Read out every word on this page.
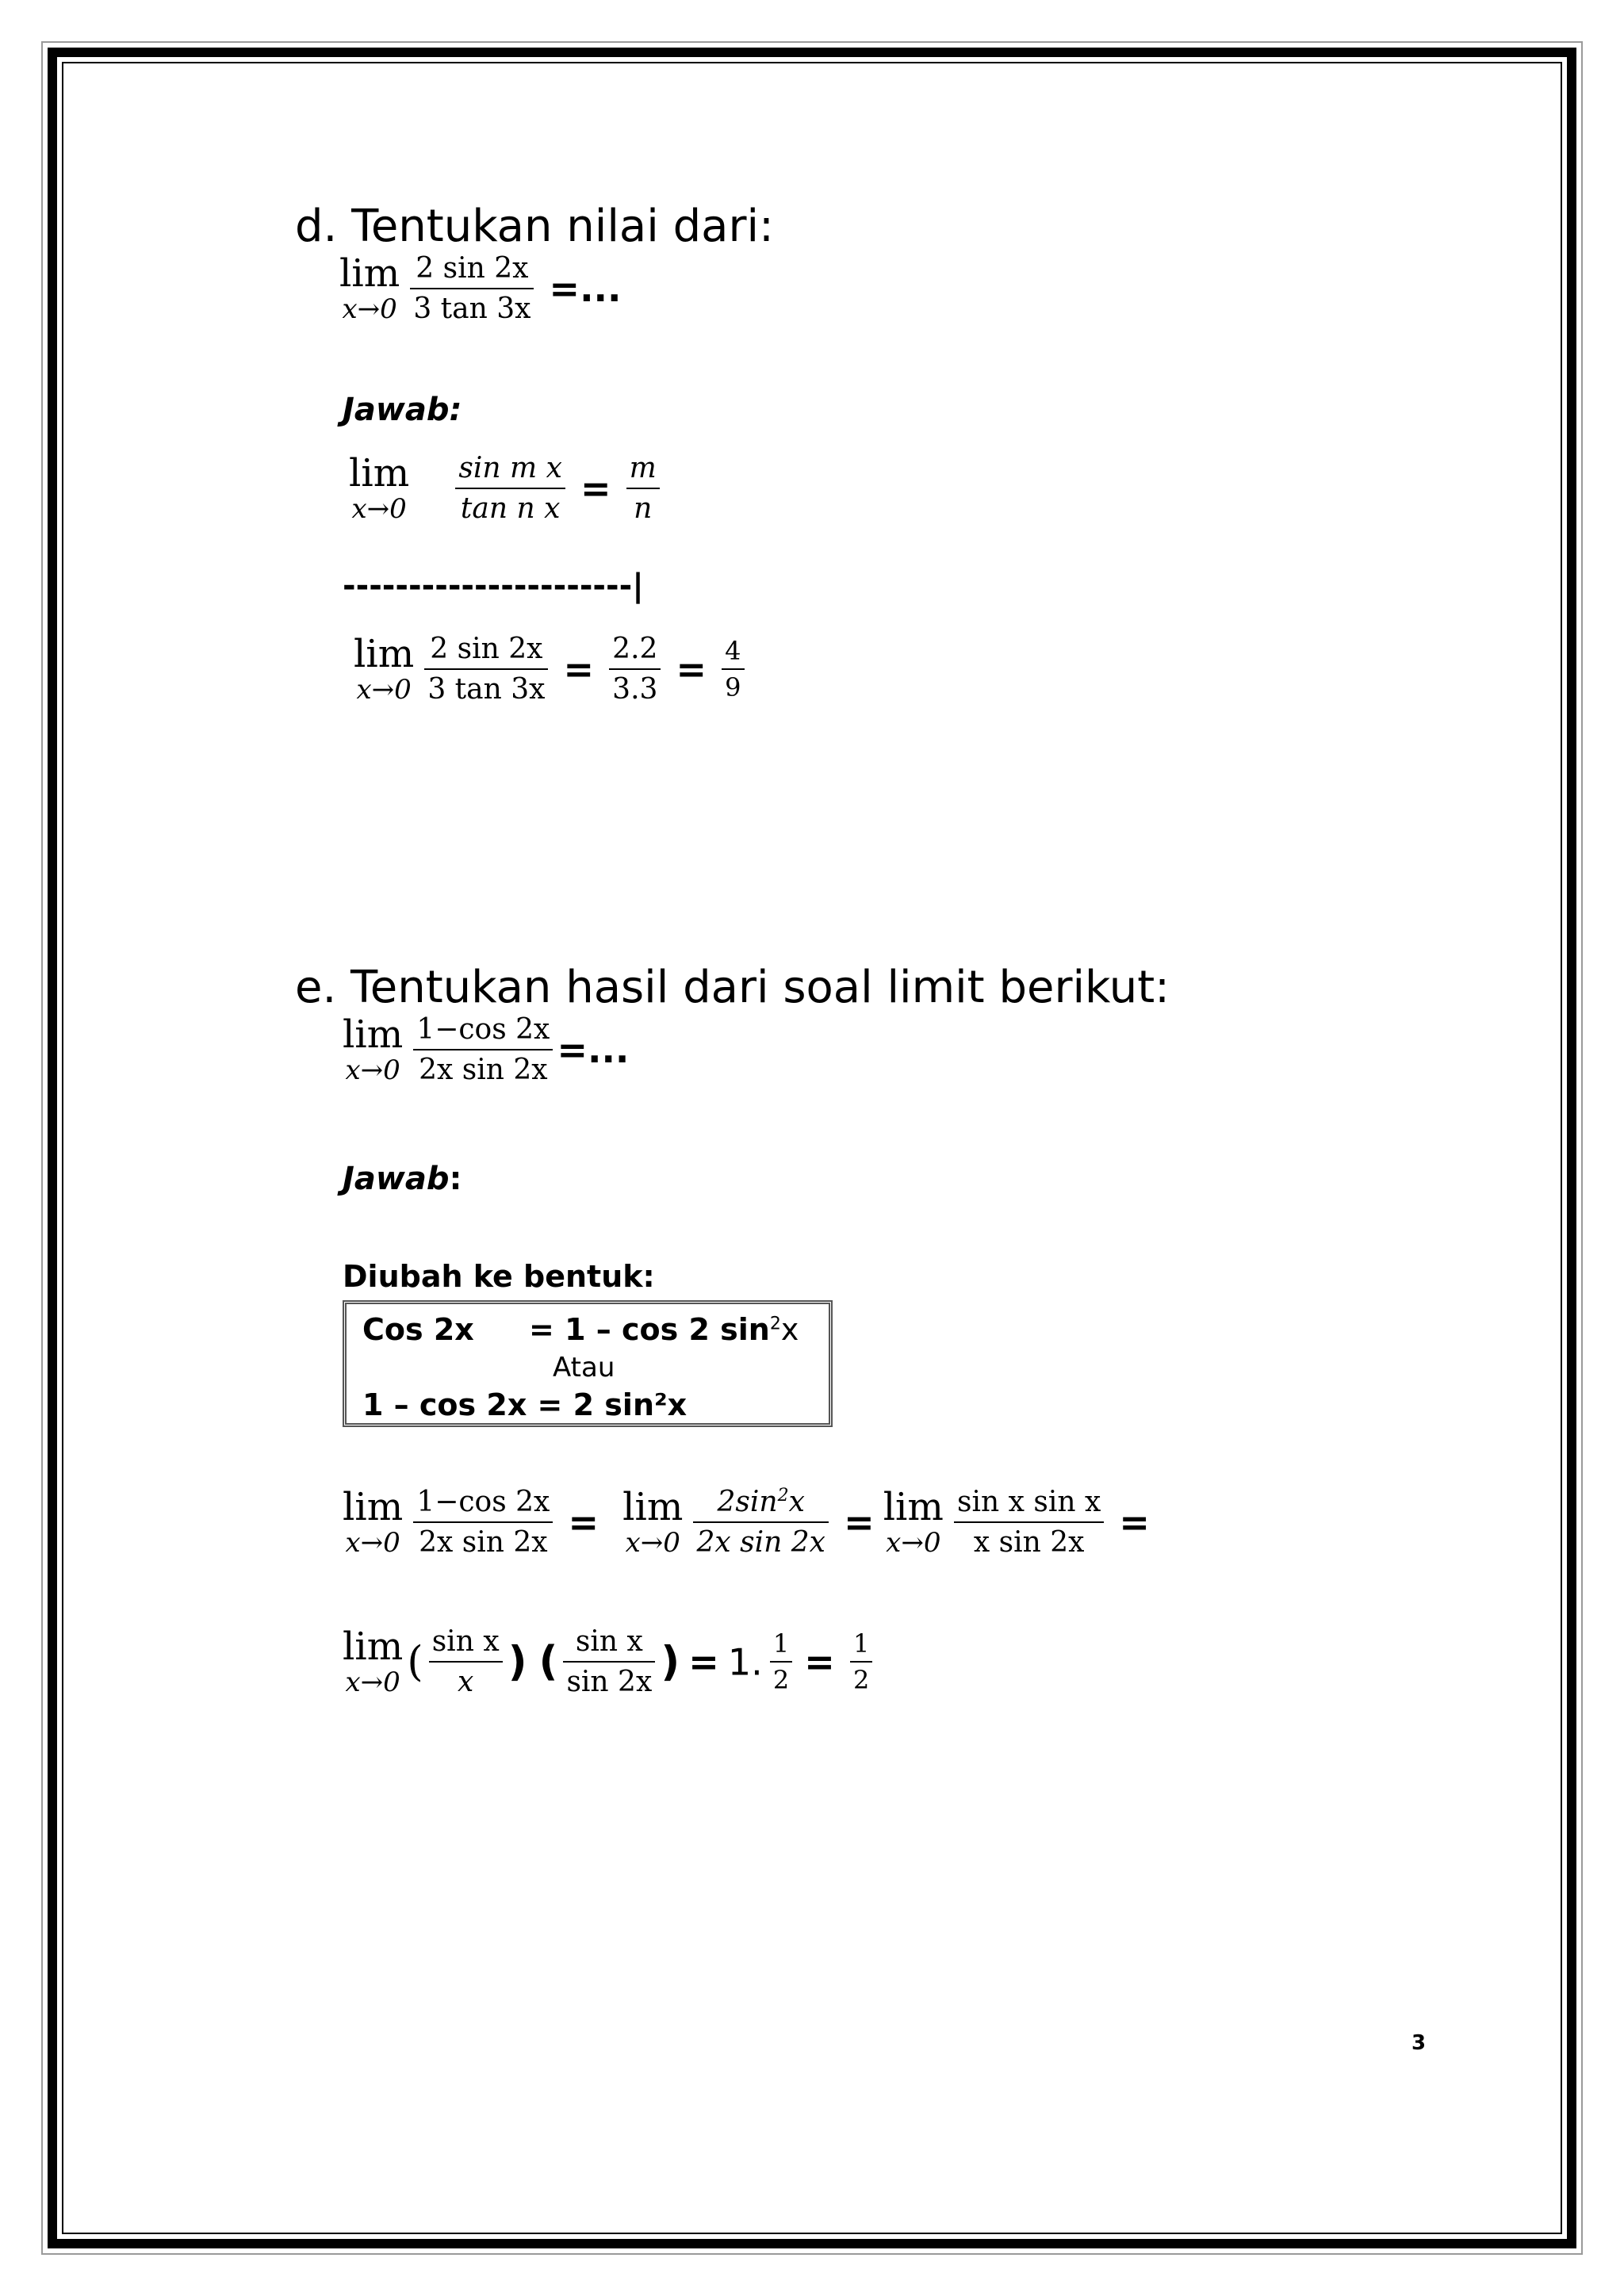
d. Tentukan nilai dari:
lim
x→0
$\frac{2 \sin 2x}{3 \tan 3x}$ =...
Jawab:
lim
x→0
$\frac{\text{sin m x}}{\text{tan n x}} = \frac{m}{n}$
----------------------|
lim
x→0
$\frac{2 \sin 2x}{3 \tan 3x} = \frac{2.2}{3.3} = \frac{4}{9}$
e. Tentukan hasil dari soal limit berikut:
lim
x→0
$\frac{1-\cos 2x}{\text{2x sin 2x}}$ =...
Jawab:
Diubah ke bentuk:
Cos 2x = 1 – cos 2 $\sin^2x$
Atau
1 – cos 2x = 2 sin²x
lim
x→0
$\frac{1-\cos 2x}{\text{2x sin 2x}} = \lim$
x→0
$\frac{2\sin^2x}{\text{2x sin 2x}} = \lim$
x→0
$\frac{\text{sin x sin x}}{\text{x sin 2x}}$ =
lim
x→0 ( $\frac{\text{sin x}}{x}$ ) ( $\frac{\text{sin x}}{\sin 2x}$ ) = 1. $\frac{1}{2} = \frac{1}{2}$
3
